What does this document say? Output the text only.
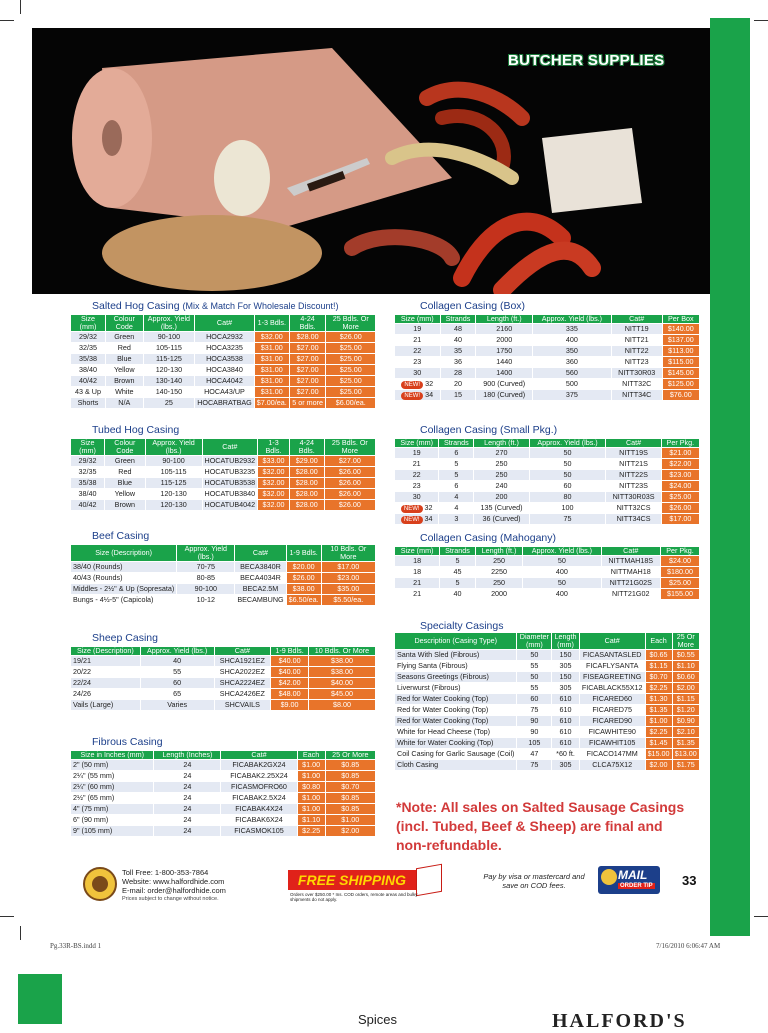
BUTCHER SUPPLIES
Salted Hog Casing (Mix & Match For Wholesale Discount!)
Size (mm)	Colour Code	Approx. Yield (lbs.)	Cat#	1-3 Bdls.	4-24 Bdls.	25 Bdls. Or More
29/32	Green	90-100	HOCA2932	$32.00	$28.00	$26.00
32/35	Red	105-115	HOCA3235	$31.00	$27.00	$25.00
35/38	Blue	115-125	HOCA3538	$31.00	$27.00	$25.00
38/40	Yellow	120-130	HOCA3840	$31.00	$27.00	$25.00
40/42	Brown	130-140	HOCA4042	$31.00	$27.00	$25.00
43 & Up	White	140-150	HOCA43/UP	$31.00	$27.00	$25.00
Shorts	N/A	25	HOCABRATBAG	$7.00/ea.	5 or more	$6.00/ea.
Tubed Hog Casing
Size (mm)	Colour Code	Approx. Yield (lbs.)	Cat#	1-3 Bdls.	4-24 Bdls.	25 Bdls. Or More
29/32	Green	90-100	HOCATUB2932	$33.00	$29.00	$27.00
32/35	Red	105-115	HOCATUB3235	$32.00	$28.00	$26.00
35/38	Blue	115-125	HOCATUB3538	$32.00	$28.00	$26.00
38/40	Yellow	120-130	HOCATUB3840	$32.00	$28.00	$26.00
40/42	Brown	120-130	HOCATUB4042	$32.00	$28.00	$26.00
Beef Casing
Size (Description)	Approx. Yield (lbs.)	Cat#	1-9 Bdls.	10 Bdls. Or More
38/40 (Rounds)	70-75	BECA3840R	$20.00	$17.00
40/43 (Rounds)	80-85	BECA4034R	$26.00	$23.00
Middles - 2½" & Up (Sopresata)	90-100	BECA2.5M	$38.00	$35.00
Bungs - 4½-5" (Capicola)	10-12	BECAMBUNG	$6.50/ea.	$5.50/ea.
Sheep Casing
Size (Description)	Approx. Yield (lbs.)	Cat#	1-9 Bdls.	10 Bdls. Or More
19/21	40	SHCA1921EZ	$40.00	$38.00
20/22	55	SHCA2022EZ	$40.00	$38.00
22/24	60	SHCA2224EZ	$42.00	$40.00
24/26	65	SHCA2426EZ	$48.00	$45.00
Vails (Large)	Varies	SHCVAILS	$9.00	$8.00
Fibrous Casing
Size in Inches (mm)	Length (Inches)	Cat#	Each	25 Or More
2" (50 mm)	24	FICABAK2GX24	$1.00	$0.85
2¼" (55 mm)	24	FICABAK2.25X24	$1.00	$0.85
2¼" (60 mm)	24	FICASMOFRO60	$0.80	$0.70
2½" (65 mm)	24	FICABAK2.5X24	$1.00	$0.85
4" (75 mm)	24	FICABAK4X24	$1.00	$0.85
6" (90 mm)	24	FICABAK6X24	$1.10	$1.00
9" (105 mm)	24	FICASMOK105	$2.25	$2.00
Collagen Casing (Box)
Size (mm)	Strands	Length (ft.)	Approx. Yield (lbs.)	Cat#	Per Box
19	48	2160	335	NITT19	$140.00
21	40	2000	400	NITT21	$137.00
22	35	1750	350	NITT22	$113.00
23	36	1440	360	NITT23	$115.00
30	28	1400	560	NITT30R03	$145.00
NEW! 32	20	900 (Curved)	500	NITT32C	$125.00
NEW! 34	15	180 (Curved)	375	NITT34C	$76.00
Collagen Casing (Small Pkg.)
Size (mm)	Strands	Length (ft.)	Approx. Yield (lbs.)	Cat#	Per Pkg.
19	6	270	50	NITT19S	$21.00
21	5	250	50	NITT21S	$22.00
22	5	250	50	NITT22S	$23.00
23	6	240	60	NITT23S	$24.00
30	4	200	80	NITT30R03S	$25.00
NEW! 32	4	135 (Curved)	100	NITT32CS	$26.00
NEW! 34	3	36 (Curved)	75	NITT34CS	$17.00
Collagen Casing (Mahogany)
Size (mm)	Strands	Length (ft.)	Approx. Yield (lbs.)	Cat#	Per Pkg.
18	5	250	50	NITTMAH18S	$24.00
18	45	2250	400	NITTMAH18	$180.00
21	5	250	50	NITT21G02S	$25.00
21	40	2000	400	NITT21G02	$155.00
Specialty Casings
Description (Casing Type)	Diameter (mm)	Length (mm)	Cat#	Each	25 Or More
Santa With Sled (Fibrous)	50	150	FICASANTASLED	$0.65	$0.55
Flying Santa (Fibrous)	55	305	FICAFLYSANTA	$1.15	$1.10
Seasons Greetings (Fibrous)	50	150	FISEAGREETING	$0.70	$0.60
Liverwurst (Fibrous)	55	305	FICABLACK55X12	$2.25	$2.00
Red for Water Cooking (Top)	60	610	FICARED60	$1.30	$1.15
Red for Water Cooking (Top)	75	610	FICARED75	$1.35	$1.20
Red for Water Cooking (Top)	90	610	FICARED90	$1.00	$0.90
White for Head Cheese (Top)	90	610	FICAWHITE90	$2.25	$2.10
White for Water Cooking (Top)	105	610	FICAWHIT105	$1.45	$1.35
Coil Casing for Garlic Sausage (Coil)	47	*60 ft.	FICACO147MM	$15.00	$13.00
Cloth Casing	75	305	CLCA75X12	$2.00	$1.75
*Note: All sales on Salted Sausage Casings (incl. Tubed, Beef & Sheep) are final and non-refundable.
Toll Free: 1-800-353-7864
Website: www.halfordhide.com
E-mail: order@halfordhide.com
Prices subject to change without notice.
FREE SHIPPING
Orders over $250.00 * Ins. COD orders, remote areas and bulky shipments do not apply.
Pay by visa or mastercard and save on COD fees.
MAIL
ORDER TIP 33
Pg.33R-BS.indd 1	7/16/2010 6:06:47 AM
Spices	HALFORD'S
